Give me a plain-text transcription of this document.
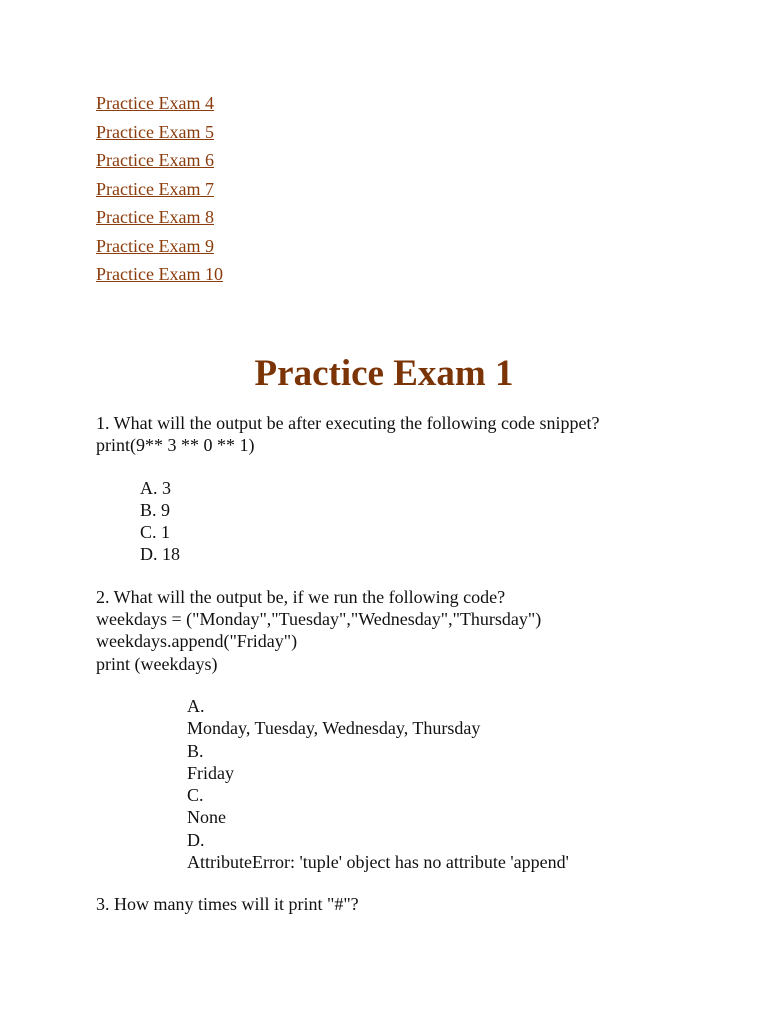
Practice Exam 4
Practice Exam 5
Practice Exam 6
Practice Exam 7
Practice Exam 8
Practice Exam 9
Practice Exam 10
Practice Exam 1
1. What will the output be after executing the following code snippet?
print(9** 3 ** 0 ** 1)
A. 3
B. 9
C. 1
D. 18
2. What will the output be, if we run the following code?
weekdays = ("Monday","Tuesday","Wednesday","Thursday")
weekdays.append("Friday")
print (weekdays)
A.
Monday, Tuesday, Wednesday, Thursday
B.
Friday
C.
None
D.
AttributeError: 'tuple' object has no attribute 'append'
3. How many times will it print "#"?
